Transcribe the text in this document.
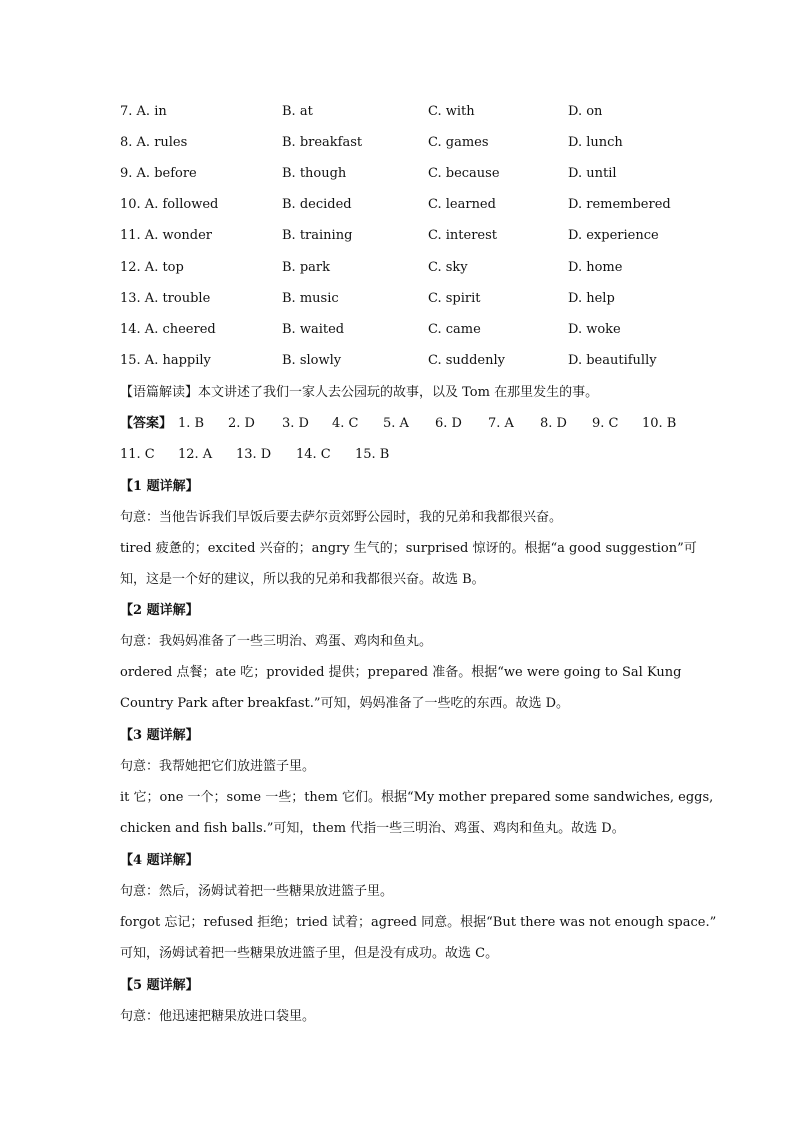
7. A. in	B. at	C. with	D. on
8. A. rules	B. breakfast	C. games	D. lunch
9. A. before	B. though	C. because	D. until
10. A. followed	B. decided	C. learned	D. remembered
11. A. wonder	B. training	C. interest	D. experience
12. A. top	B. park	C. sky	D. home
13. A. trouble	B. music	C. spirit	D. help
14. A. cheered	B. waited	C. came	D. woke
15. A. happily	B. slowly	C. suddenly	D. beautifully
【语篇解读】本文讲述了我们一家人去公园玩的故事，以及 Tom 在那里发生的事。
【答案】 1. B 2. D 3. D 4. C 5. A 6. D 7. A 8. D 9. C 10. B
11. C 12. A 13. D 14. C 15. B
【1 题详解】
句意：当他告诉我们早饭后要去萨尔贡郊野公园时，我的兄弟和我都很兴奋。
tired 疲惫的；excited 兴奋的；angry 生气的；surprised 惊讶的。根据“a good suggestion”可
知，这是一个好的建议，所以我的兄弟和我都很兴奋。故选 B。
【2 题详解】
句意：我妈妈准备了一些三明治、鸡蛋、鸡肉和鱼丸。
ordered 点餐；ate 吃；provided 提供；prepared 准备。根据“we were going to Sal Kung
Country Park after breakfast.”可知，妈妈准备了一些吃的东西。故选 D。
【3 题详解】
句意：我帮她把它们放进篮子里。
it 它；one 一个；some 一些；them 它们。根据“My mother prepared some sandwiches, eggs,
chicken and fish balls.”可知，them 代指一些三明治、鸡蛋、鸡肉和鱼丸。故选 D。
【4 题详解】
句意：然后，汤姆试着把一些糖果放进篮子里。
forgot 忘记；refused 拒绝；tried 试着；agreed 同意。根据“But there was not enough space.”
可知，汤姆试着把一些糖果放进篮子里，但是没有成功。故选 C。
【5 题详解】
句意：他迅速把糖果放进口袋里。
